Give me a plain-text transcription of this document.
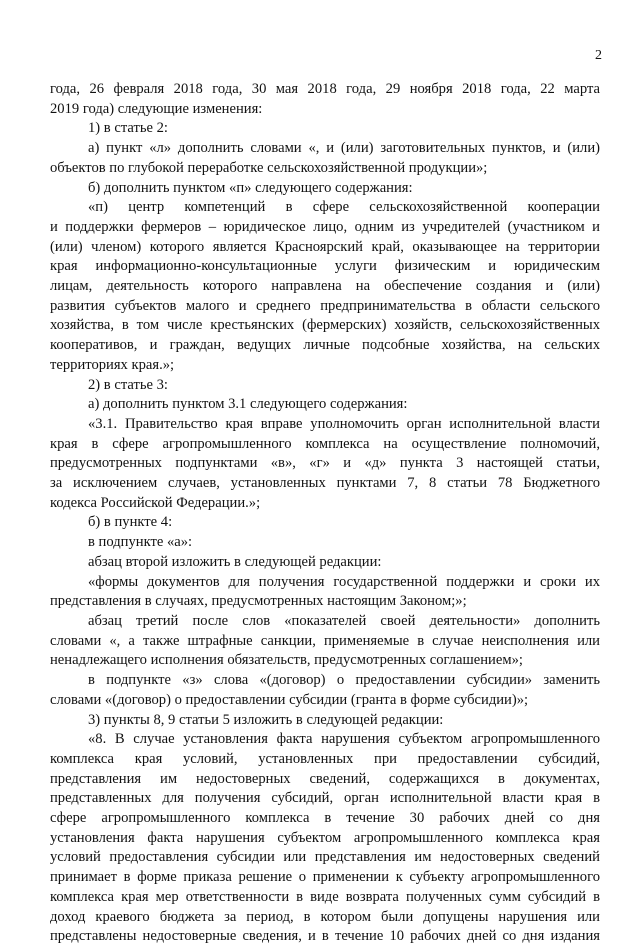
2

года, 26 февраля 2018 года, 30 мая 2018 года, 29 ноября 2018 года, 22 марта

2019 года) следующие изменения:

1) в статье 2:

а) пункт «л» дополнить словами «, и (или) заготовительных пунктов, и (или)

объектов по глубокой переработке сельскохозяйственной продукции»;

б) дополнить пунктом «п» следующего содержания:

«п) центр компетенций в сфере сельскохозяйственной кооперации

и поддержки фермеров – юридическое лицо, одним из учредителей (участником и

(или) членом) которого является Красноярский край, оказывающее на территории

края информационно-консультационные услуги физическим и юридическим

лицам, деятельность которого направлена на обеспечение создания и (или)

развития субъектов малого и среднего предпринимательства в области сельского

хозяйства, в том числе крестьянских (фермерских) хозяйств, сельскохозяйственных

кооперативов, и граждан, ведущих личные подсобные хозяйства, на сельских

территориях края.»;

2) в статье 3:

а) дополнить пунктом 3.1 следующего содержания:

«3.1. Правительство края вправе уполномочить орган исполнительной власти

края в сфере агропромышленного комплекса на осуществление полномочий,

предусмотренных подпунктами «в», «г» и «д» пункта 3 настоящей статьи,

за исключением случаев, установленных пунктами 7, 8 статьи 78 Бюджетного

кодекса Российской Федерации.»;

б) в пункте 4:

в подпункте «а»:

абзац второй изложить в следующей редакции:

«формы документов для получения государственной поддержки и сроки их

представления в случаях, предусмотренных настоящим Законом;»;

абзац третий после слов «показателей своей деятельности» дополнить

словами «, а также штрафные санкции, применяемые в случае неисполнения или

ненадлежащего исполнения обязательств, предусмотренных соглашением»;

в подпункте «з» слова «(договор) о предоставлении субсидии» заменить

словами «(договор) о предоставлении субсидии (гранта в форме субсидии)»;

3) пункты 8, 9 статьи 5 изложить в следующей редакции:

«8. В случае установления факта нарушения субъектом агропромышленного

комплекса края условий, установленных при предоставлении субсидий,

представления им недостоверных сведений, содержащихся в документах,

представленных для получения субсидий, орган исполнительной власти края в

сфере агропромышленного комплекса в течение 30 рабочих дней со дня

установления факта нарушения субъектом агропромышленного комплекса края

условий предоставления субсидии или представления им недостоверных сведений

принимает в форме приказа решение о применении к субъекту агропромышленного

комплекса края мер ответственности в виде возврата полученных сумм субсидий в

доход краевого бюджета за период, в котором были допущены нарушения или

представлены недостоверные сведения, и в течение 10 рабочих дней со дня издания
